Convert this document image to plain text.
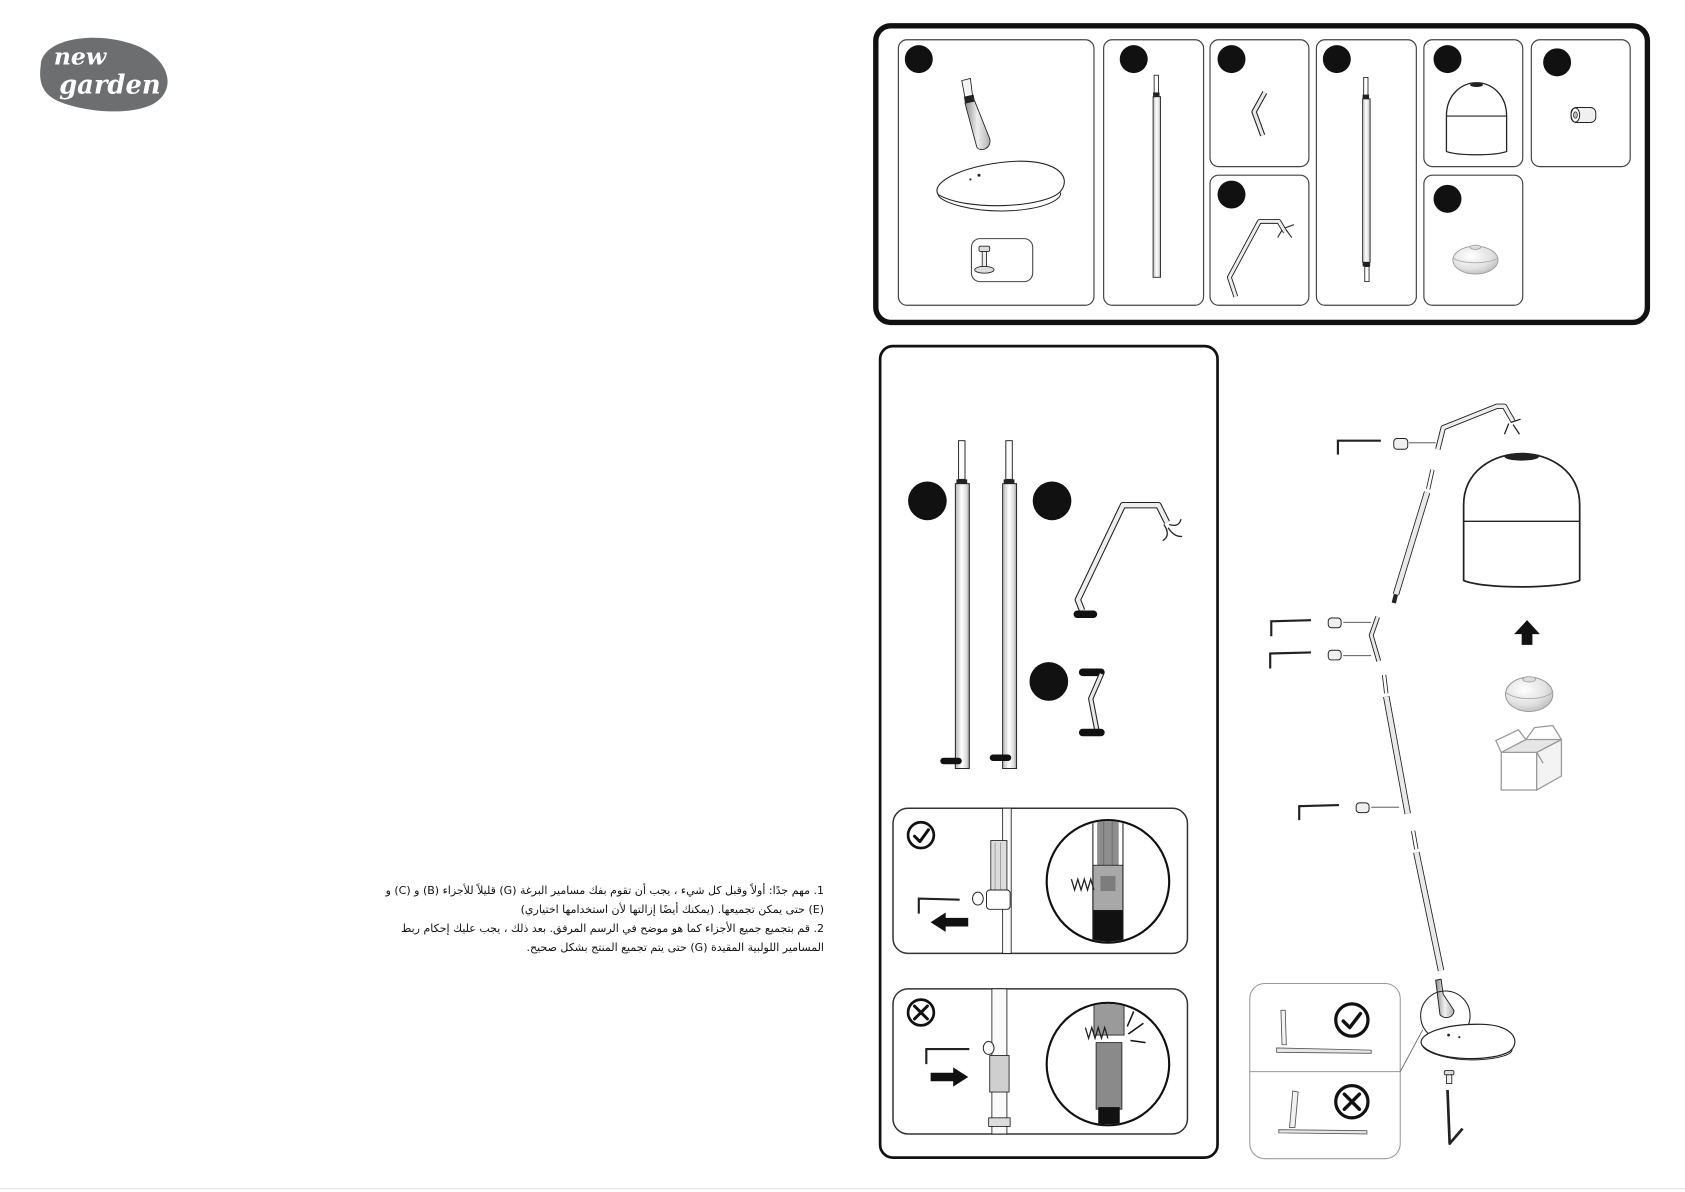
new
garden
1. مهم جدًا: أولاً وقبل كل شيء ، يجب أن تقوم بفك مسامير البرغة (G) قليلاً للأجزاء (B) و (C) و
(E) حتى يمكن تجميعها. (يمكنك أيضًا إزالتها لأن استخدامها اختياري)
2. قم بتجميع جميع الأجزاء كما هو موضح في الرسم المرفق. بعد ذلك ، يجب عليك إحكام ربط
المسامير اللولبية المقيدة (G) حتى يتم تجميع المنتج بشكل صحيح.
